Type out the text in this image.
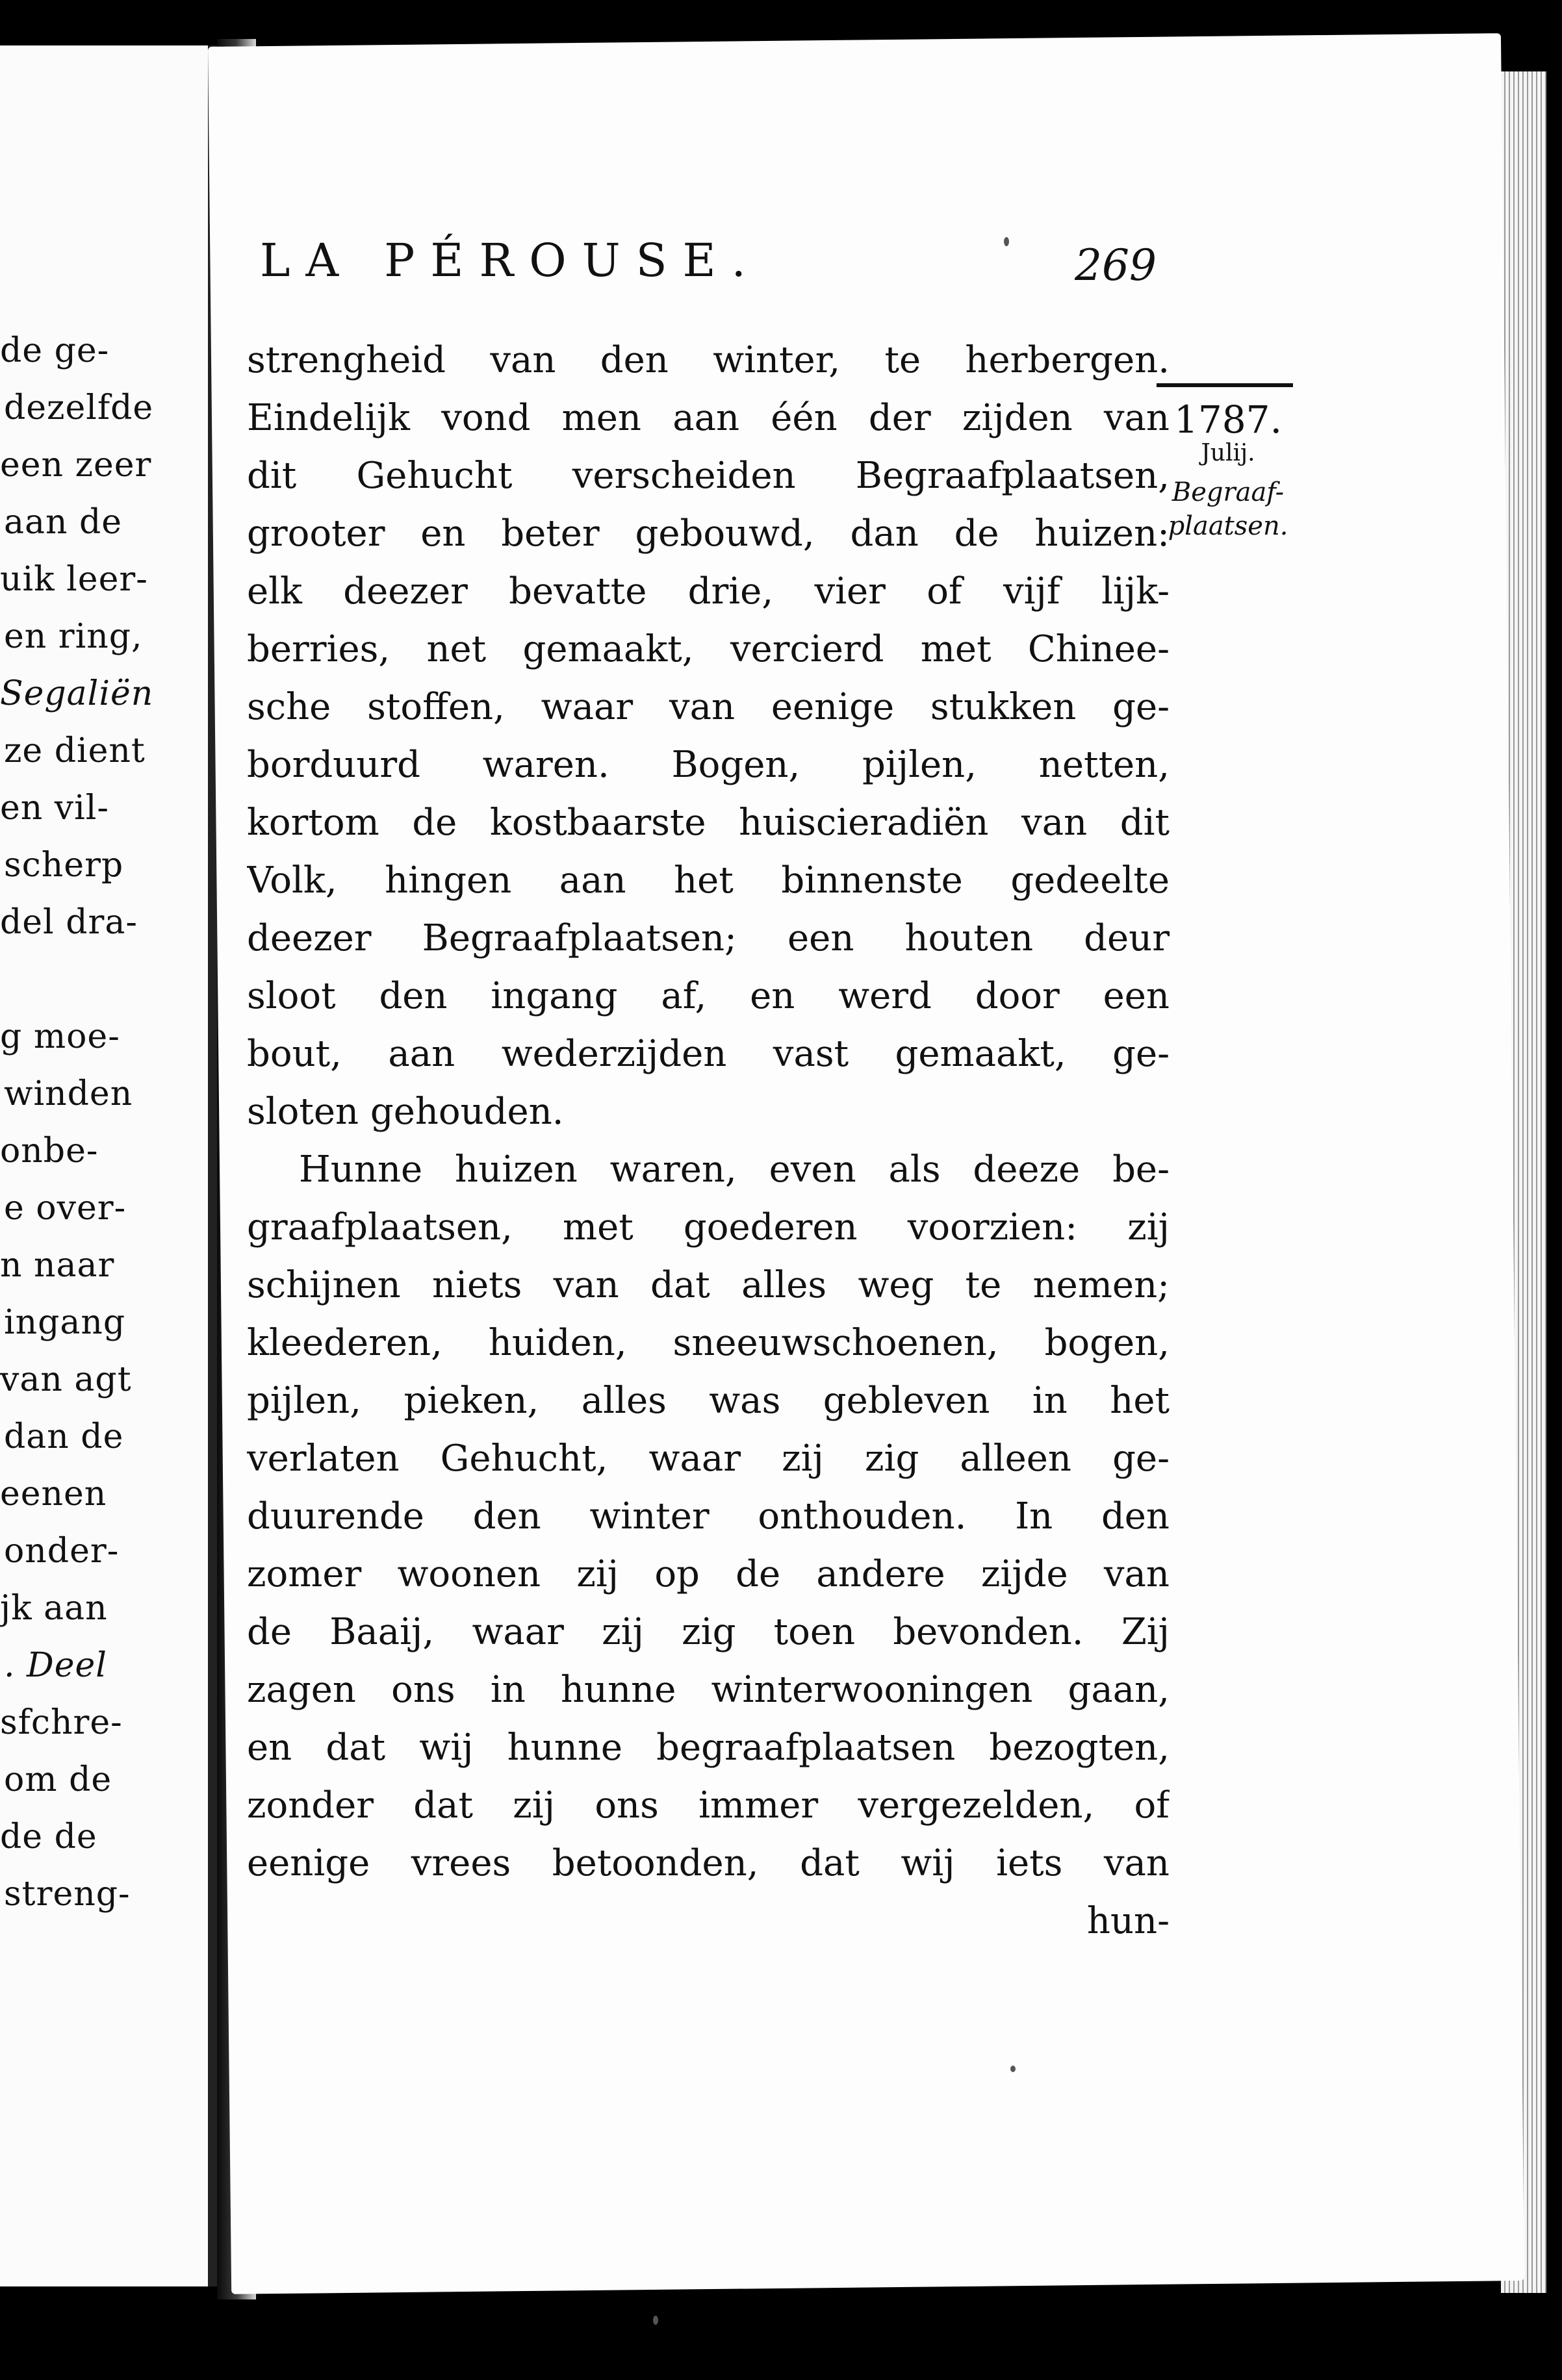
de ge-
dezelfde
een zeer
aan de
uik leer-
en ring,
Segaliën
ze dient
en vil-
scherp
del dra-
g moe-
winden
onbe-
e over-
n naar
ingang
van agt
dan de
eenen
onder-
jk aan
. Deel
sfchre-
om de
de de
streng-
LA PÉROUSE.	269
1787.
Julij.
Begraaf-
plaatsen.
strengheid van den winter, te herbergen.
Eindelijk vond men aan één der zijden van
dit Gehucht verscheiden Begraafplaatsen,
grooter en beter gebouwd, dan de huizen:
elk deezer bevatte drie, vier of vijf lijk-
berries, net gemaakt, vercierd met Chinee-
sche stoffen, waar van eenige stukken ge-
borduurd waren. Bogen, pijlen, netten,
kortom de kostbaarste huiscieradiën van dit
Volk, hingen aan het binnenste gedeelte
deezer Begraafplaatsen; een houten deur
sloot den ingang af, en werd door een
bout, aan wederzijden vast gemaakt, ge-
sloten gehouden.
Hunne huizen waren, even als deeze be-
graafplaatsen, met goederen voorzien: zij
schijnen niets van dat alles weg te nemen;
kleederen, huiden, sneeuwschoenen, bogen,
pijlen, pieken, alles was gebleven in het
verlaten Gehucht, waar zij zig alleen ge-
duurende den winter onthouden. In den
zomer woonen zij op de andere zijde van
de Baaij, waar zij zig toen bevonden. Zij
zagen ons in hunne winterwooningen gaan,
en dat wij hunne begraafplaatsen bezogten,
zonder dat zij ons immer vergezelden, of
eenige vrees betoonden, dat wij iets van
hun-
